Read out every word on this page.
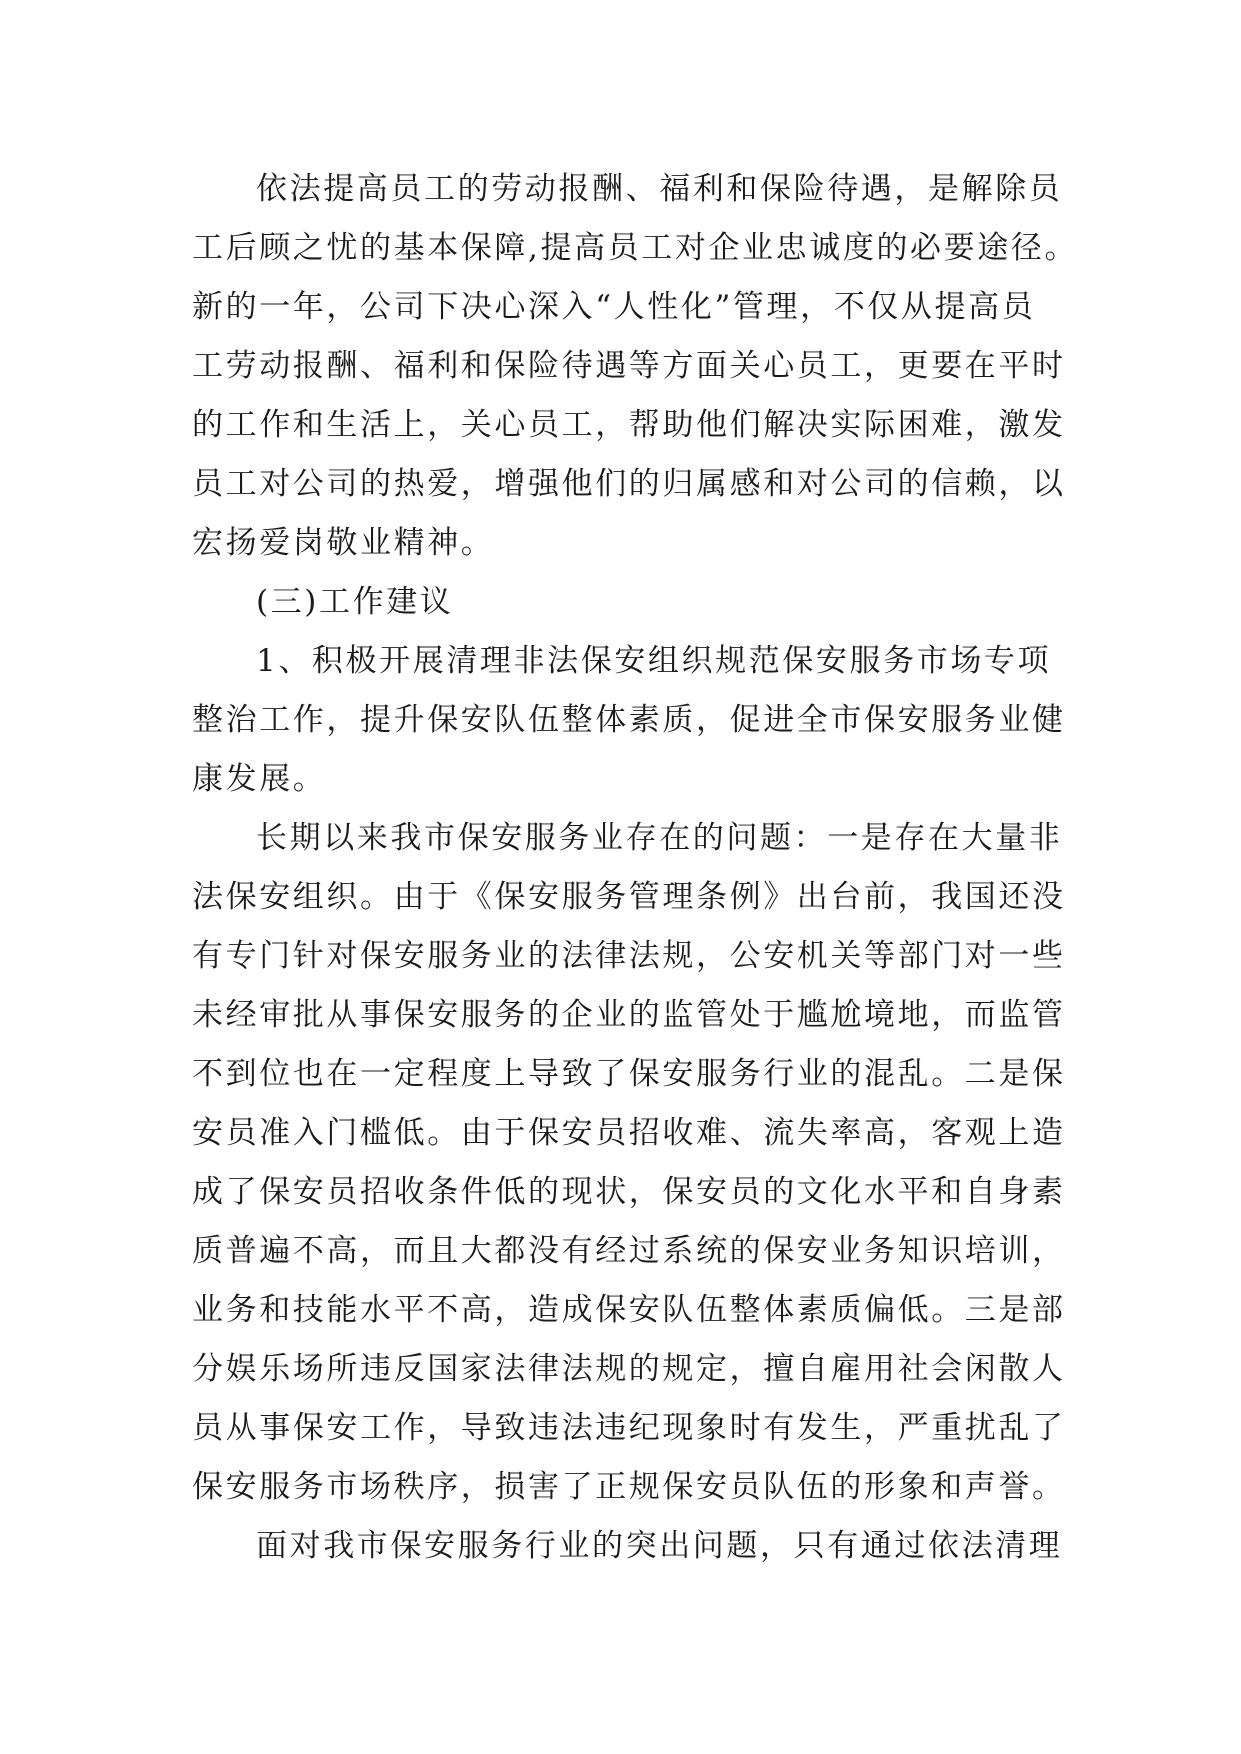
依法提高员工的劳动报酬、福利和保险待遇，是解除员
工后顾之忧的基本保障,提高员工对企业忠诚度的必要途径。
新的一年，公司下决心深入“人性化”管理，不仅从提高员
工劳动报酬、福利和保险待遇等方面关心员工，更要在平时
的工作和生活上，关心员工，帮助他们解决实际困难，激发
员工对公司的热爱，增强他们的归属感和对公司的信赖，以
宏扬爱岗敬业精神。
(三)工作建议
1、积极开展清理非法保安组织规范保安服务市场专项
整治工作，提升保安队伍整体素质，促进全市保安服务业健
康发展。
长期以来我市保安服务业存在的问题：一是存在大量非
法保安组织。由于《保安服务管理条例》出台前，我国还没
有专门针对保安服务业的法律法规，公安机关等部门对一些
未经审批从事保安服务的企业的监管处于尴尬境地，而监管
不到位也在一定程度上导致了保安服务行业的混乱。二是保
安员准入门槛低。由于保安员招收难、流失率高，客观上造
成了保安员招收条件低的现状，保安员的文化水平和自身素
质普遍不高，而且大都没有经过系统的保安业务知识培训，
业务和技能水平不高，造成保安队伍整体素质偏低。三是部
分娱乐场所违反国家法律法规的规定，擅自雇用社会闲散人
员从事保安工作，导致违法违纪现象时有发生，严重扰乱了
保安服务市场秩序，损害了正规保安员队伍的形象和声誉。
面对我市保安服务行业的突出问题，只有通过依法清理
